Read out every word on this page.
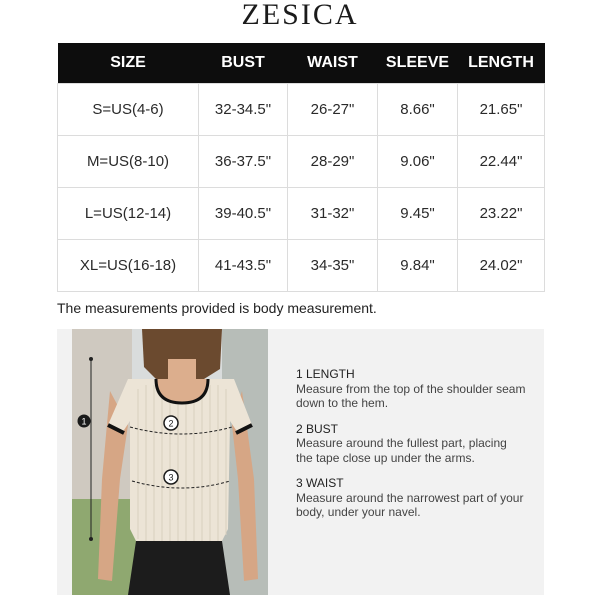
ZESICA
SIZE	BUST	WAIST	SLEEVE	LENGTH
S=US(4-6)	32-34.5"	26-27"	8.66"	21.65"
M=US(8-10)	36-37.5"	28-29"	9.06"	22.44"
L=US(12-14)	39-40.5"	31-32"	9.45"	23.22"
XL=US(16-18)	41-43.5"	34-35"	9.84"	24.02"
The measurements provided is body measurement.
1	2
3
1 LENGTH
Measure from the top of the shoulder seam down to the hem.
2 BUST
Measure around the fullest part, placing the tape close up under the arms.
3 WAIST
Measure around the narrowest part of your body, under your navel.
